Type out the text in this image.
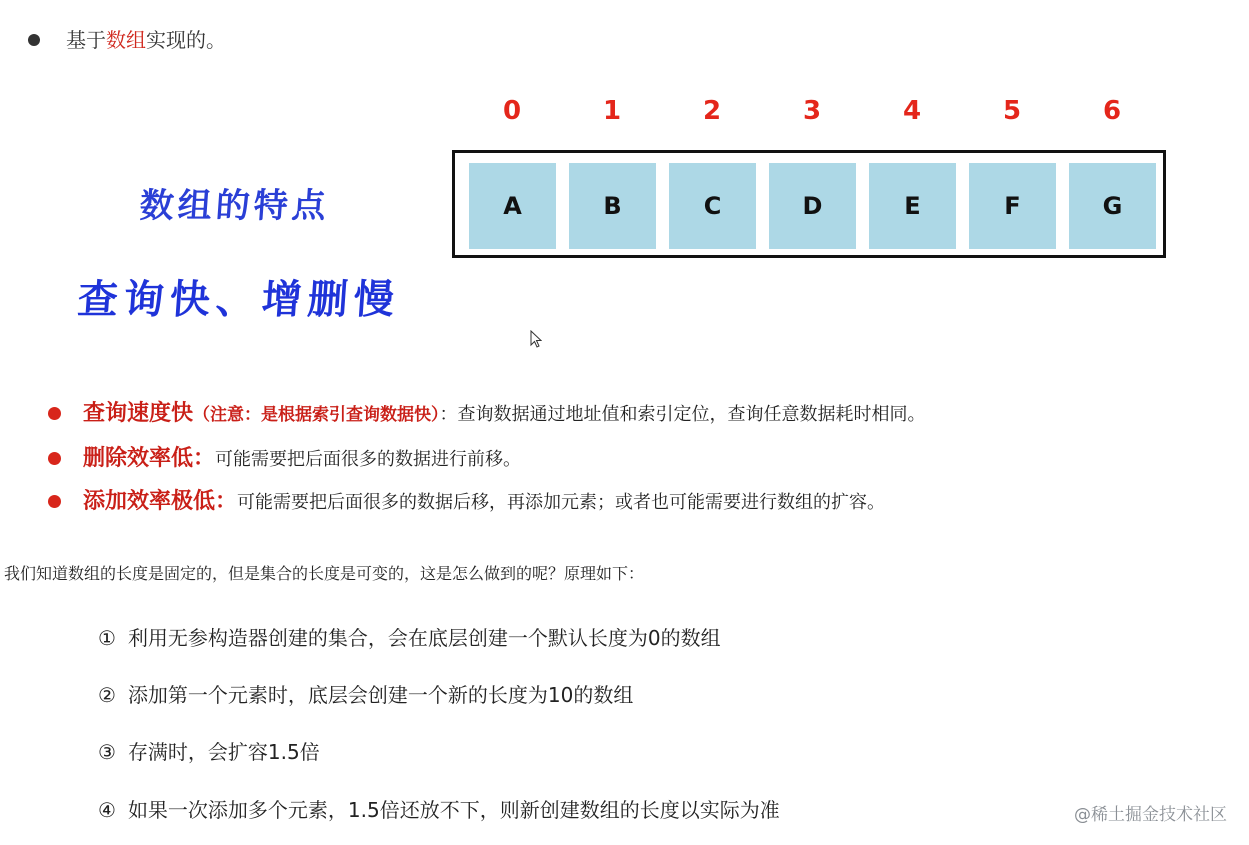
基于数组实现的。
0	1	2	3	4	5	6
A	B	C	D	E	F	G
数组的特点
查询快、增删慢
查询速度快（注意：是根据索引查询数据快）：查询数据通过地址值和索引定位，查询任意数据耗时相同。
删除效率低：可能需要把后面很多的数据进行前移。
添加效率极低：可能需要把后面很多的数据后移，再添加元素；或者也可能需要进行数组的扩容。
我们知道数组的长度是固定的，但是集合的长度是可变的，这是怎么做到的呢？原理如下：
① 利用无参构造器创建的集合，会在底层创建一个默认长度为0的数组
② 添加第一个元素时，底层会创建一个新的长度为10的数组
③ 存满时，会扩容1.5倍
④ 如果一次添加多个元素，1.5倍还放不下，则新创建数组的长度以实际为准	@稀土掘金技术社区
